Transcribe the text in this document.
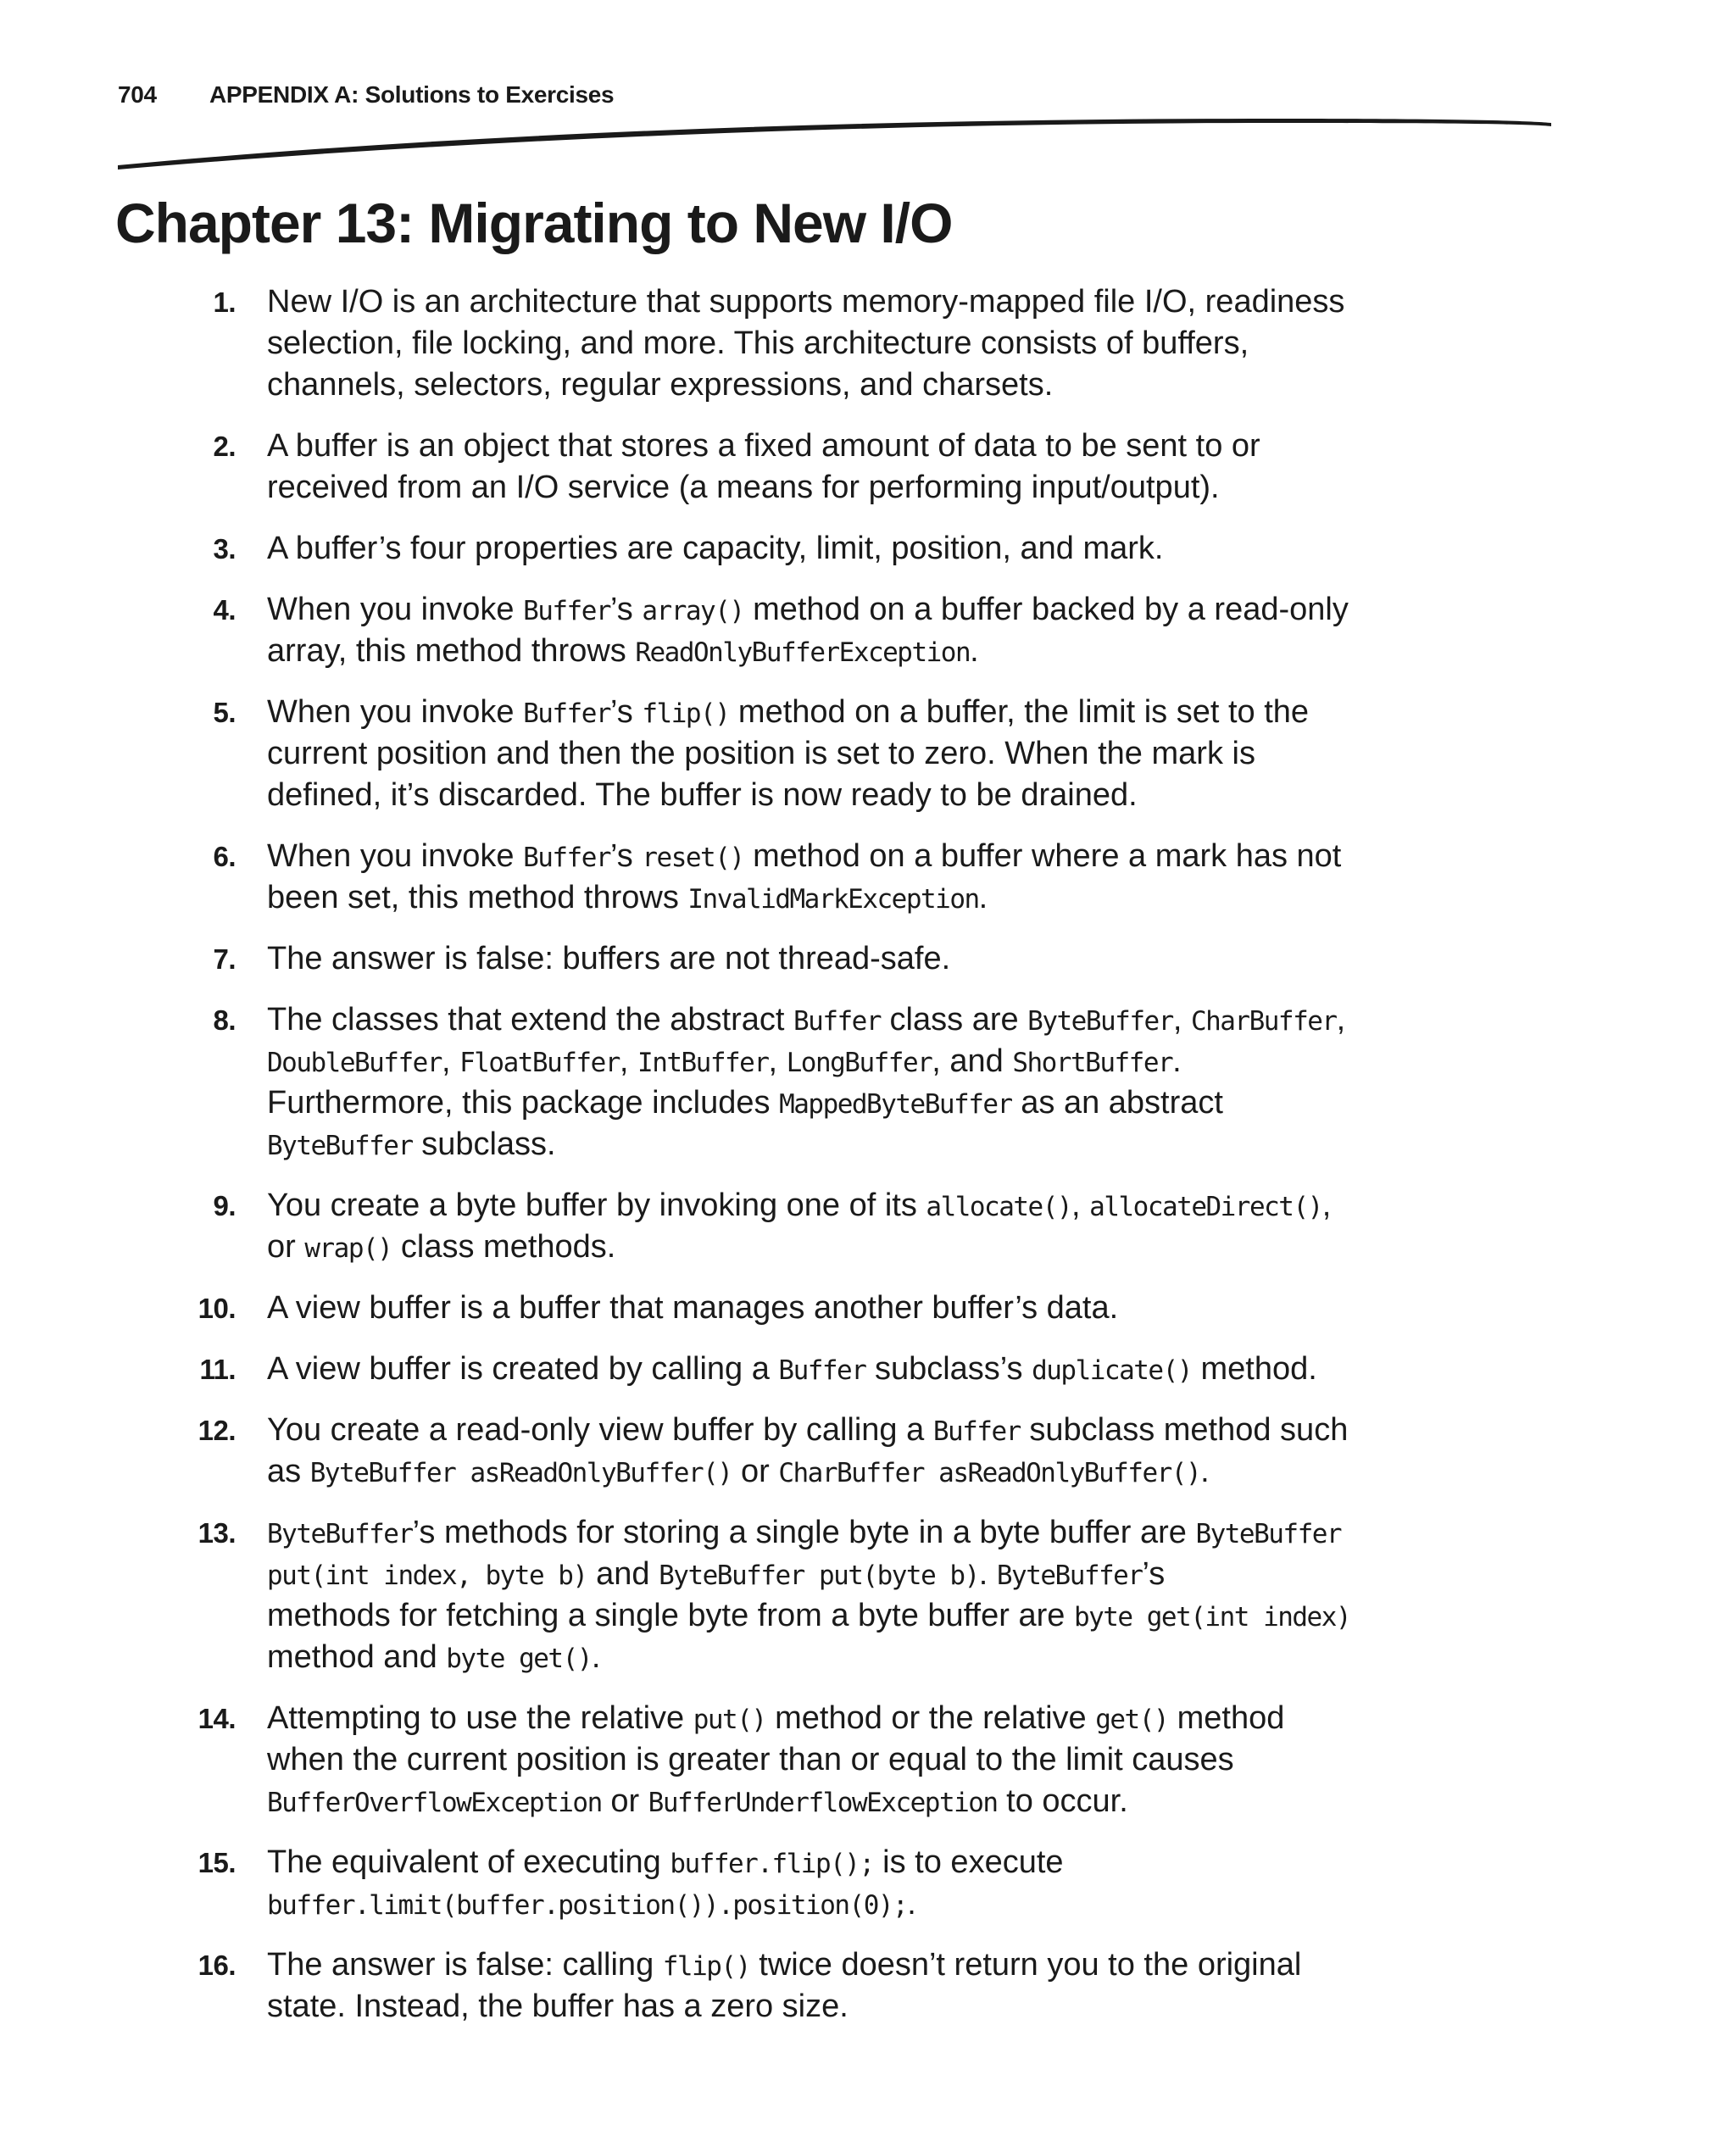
704 APPENDIX A: Solutions to Exercises
Chapter 13: Migrating to New I/O
1. New I/O is an architecture that supports memory-mapped file I/O, readiness
selection, file locking, and more. This architecture consists of buffers,
channels, selectors, regular expressions, and charsets.
2. A buffer is an object that stores a fixed amount of data to be sent to or
received from an I/O service (a means for performing input/output).
3. A buffer’s four properties are capacity, limit, position, and mark.
4. When you invoke Buffer’s array() method on a buffer backed by a read-only
array, this method throws ReadOnlyBufferException.
5. When you invoke Buffer’s flip() method on a buffer, the limit is set to the
current position and then the position is set to zero. When the mark is
defined, it’s discarded. The buffer is now ready to be drained.
6. When you invoke Buffer’s reset() method on a buffer where a mark has not
been set, this method throws InvalidMarkException.
7. The answer is false: buffers are not thread-safe.
8. The classes that extend the abstract Buffer class are ByteBuffer, CharBuffer,
DoubleBuffer, FloatBuffer, IntBuffer, LongBuffer, and ShortBuffer.
Furthermore, this package includes MappedByteBuffer as an abstract
ByteBuffer subclass.
9. You create a byte buffer by invoking one of its allocate(), allocateDirect(),
or wrap() class methods.
10. A view buffer is a buffer that manages another buffer’s data.
11. A view buffer is created by calling a Buffer subclass’s duplicate() method.
12. You create a read-only view buffer by calling a Buffer subclass method such
as ByteBuffer asReadOnlyBuffer() or CharBuffer asReadOnlyBuffer().
13. ByteBuffer’s methods for storing a single byte in a byte buffer are ByteBuffer
put(int index, byte b) and ByteBuffer put(byte b). ByteBuffer’s
methods for fetching a single byte from a byte buffer are byte get(int index)
method and byte get().
14. Attempting to use the relative put() method or the relative get() method
when the current position is greater than or equal to the limit causes
BufferOverflowException or BufferUnderflowException to occur.
15. The equivalent of executing buffer.flip(); is to execute
buffer.limit(buffer.position()).position(0);.
16. The answer is false: calling flip() twice doesn’t return you to the original
state. Instead, the buffer has a zero size.
